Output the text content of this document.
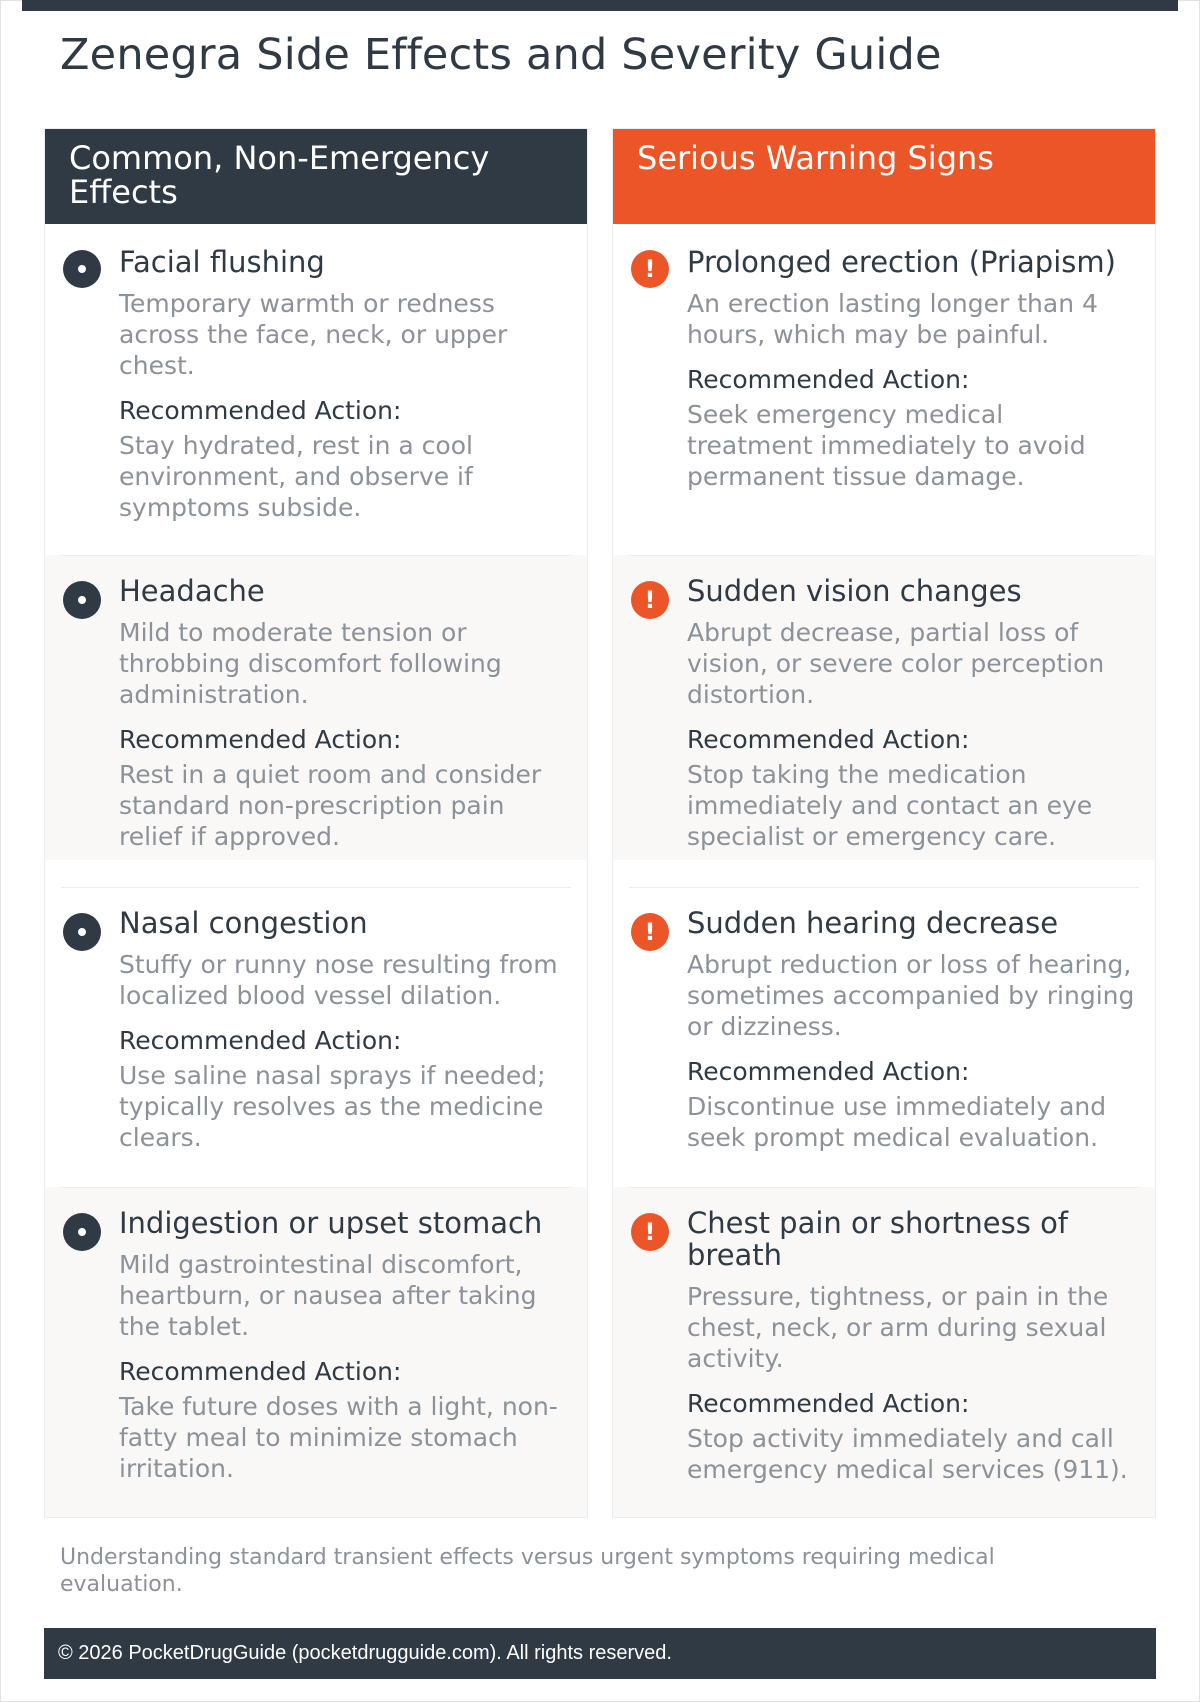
Zenegra Side Effects and Severity Guide
Common, Non-Emergency Effects
Facial flushing
Temporary warmth or redness across the face, neck, or upper chest.
Recommended Action:
Stay hydrated, rest in a cool environment, and observe if symptoms subside.
Headache
Mild to moderate tension or throbbing discomfort following administration.
Recommended Action:
Rest in a quiet room and consider standard non-prescription pain relief if approved.
Nasal congestion
Stuffy or runny nose resulting from localized blood vessel dilation.
Recommended Action:
Use saline nasal sprays if needed; typically resolves as the medicine clears.
Indigestion or upset stomach
Mild gastrointestinal discomfort, heartburn, or nausea after taking the tablet.
Recommended Action:
Take future doses with a light, non-fatty meal to minimize stomach irritation.
Serious Warning Signs
!	Prolonged erection (Priapism)
An erection lasting longer than 4 hours, which may be painful.
Recommended Action:
Seek emergency medical treatment immediately to avoid permanent tissue damage.
!	Sudden vision changes
Abrupt decrease, partial loss of vision, or severe color perception distortion.
Recommended Action:
Stop taking the medication immediately and contact an eye specialist or emergency care.
!	Sudden hearing decrease
Abrupt reduction or loss of hearing, sometimes accompanied by ringing or dizziness.
Recommended Action:
Discontinue use immediately and seek prompt medical evaluation.
!	Chest pain or shortness of breath
Pressure, tightness, or pain in the chest, neck, or arm during sexual activity.
Recommended Action:
Stop activity immediately and call emergency medical services (911).

Understanding standard transient effects versus urgent symptoms requiring medical evaluation.

© 2026 PocketDrugGuide (pocketdrugguide.com). All rights reserved.
